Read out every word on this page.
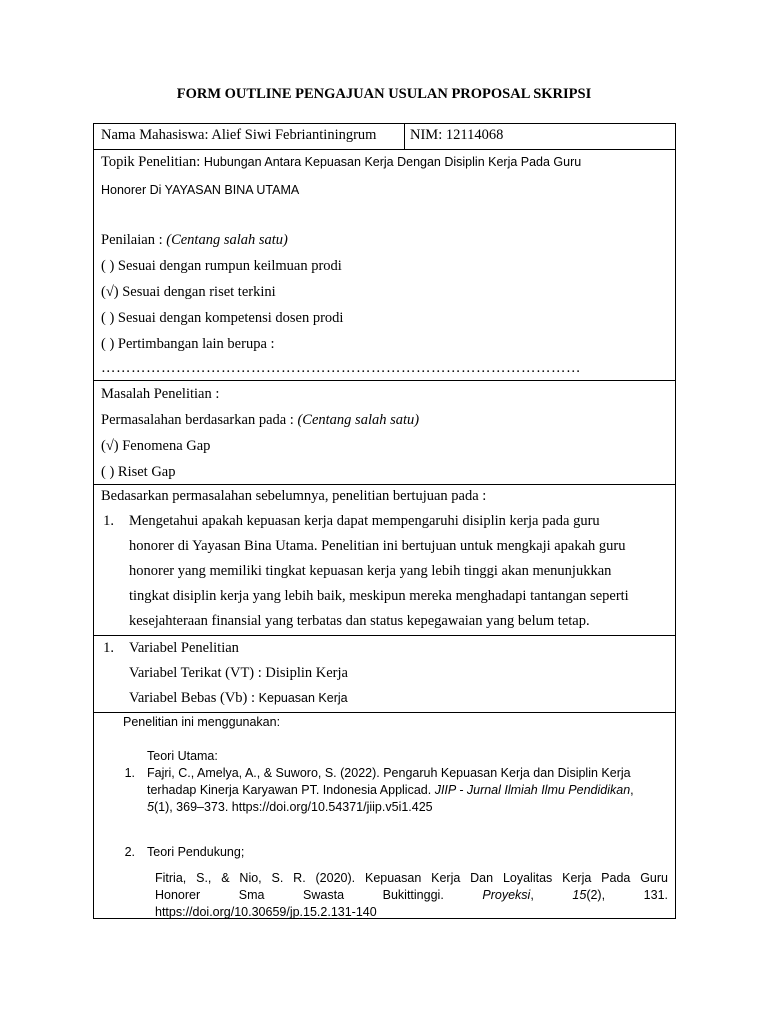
FORM OUTLINE PENGAJUAN USULAN PROPOSAL SKRIPSI
Nama Mahasiswa: Alief Siwi Febriantiningrum	NIM: 12114068
Topik Penelitian: Hubungan Antara Kepuasan Kerja Dengan Disiplin Kerja Pada Guru
Honorer Di YAYASAN BINA UTAMA
Penilaian : (Centang salah satu)
( ) Sesuai dengan rumpun keilmuan prodi
(√) Sesuai dengan riset terkini
( ) Sesuai dengan kompetensi dosen prodi
( ) Pertimbangan lain berupa :
……………………………………………………………………………………
Masalah Penelitian :
Permasalahan berdasarkan pada : (Centang salah satu)
(√) Fenomena Gap
( ) Riset Gap
Bedasarkan permasalahan sebelumnya, penelitian bertujuan pada :
1.	Mengetahui apakah kepuasan kerja dapat mempengaruhi disiplin kerja pada guru
honorer di Yayasan Bina Utama. Penelitian ini bertujuan untuk mengkaji apakah guru
honorer yang memiliki tingkat kepuasan kerja yang lebih tinggi akan menunjukkan
tingkat disiplin kerja yang lebih baik, meskipun mereka menghadapi tantangan seperti
kesejahteraan finansial yang terbatas dan status kepegawaian yang belum tetap.
1.	Variabel Penelitian
Variabel Terikat (VT) : Disiplin Kerja
Variabel Bebas (Vb) : Kepuasan Kerja
Penelitian ini menggunakan:
Teori Utama:
1. Fajri, C., Amelya, A., & Suworo, S. (2022). Pengaruh Kepuasan Kerja dan Disiplin Kerja
terhadap Kinerja Karyawan PT. Indonesia Applicad. JIIP - Jurnal Ilmiah Ilmu Pendidikan,
5(1), 369–373. https://doi.org/10.54371/jiip.v5i1.425
2. Teori Pendukung;
Fitria, S., & Nio, S. R. (2020). Kepuasan Kerja Dan Loyalitas Kerja Pada Guru
Honorer Sma Swasta Bukittinggi. Proyeksi, 15(2), 131.
https://doi.org/10.30659/jp.15.2.131-140
